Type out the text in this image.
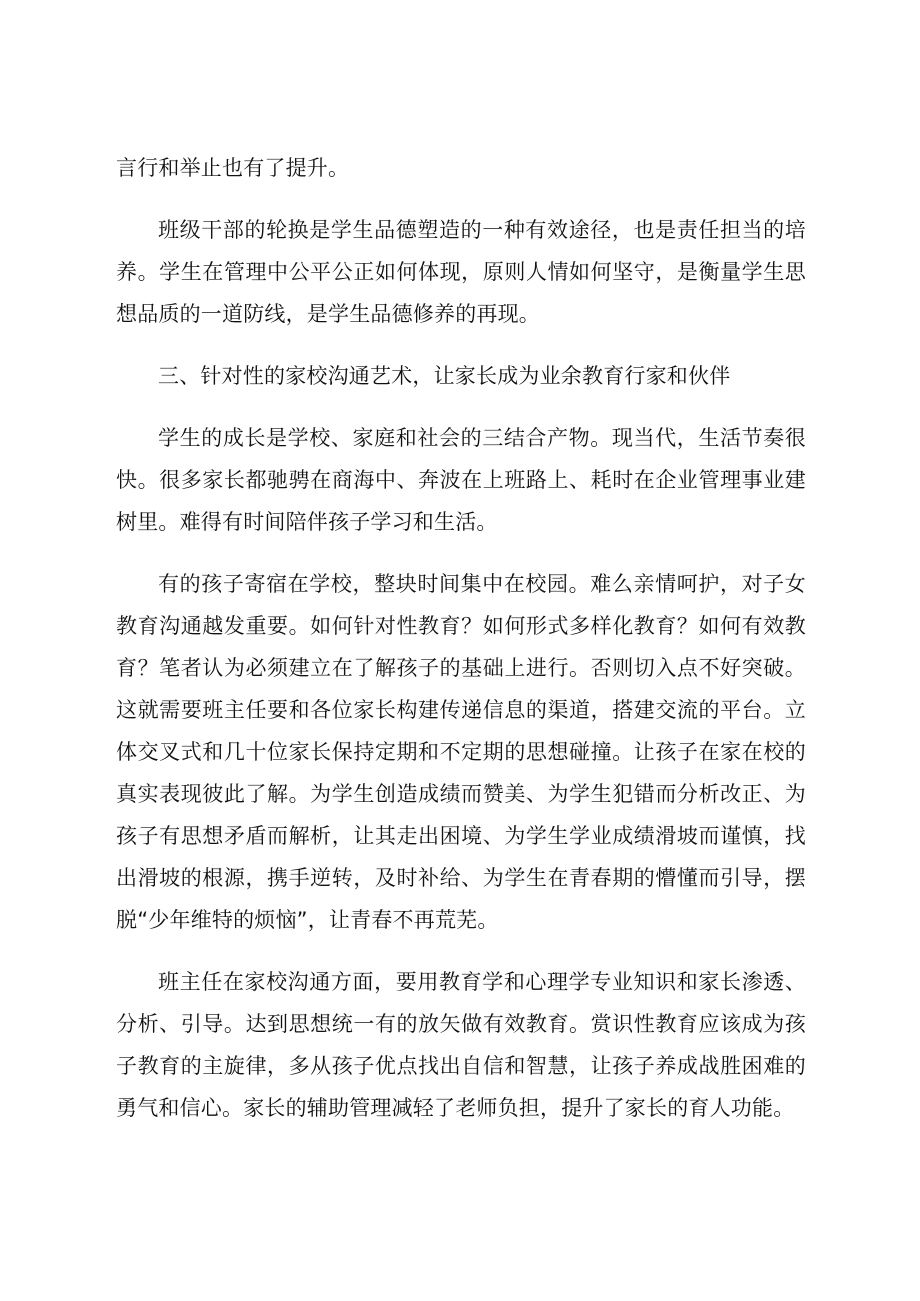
言行和举止也有了提升。

班级干部的轮换是学生品德塑造的一种有效途径，也是责任担当的培养。学生在管理中公平公正如何体现，原则人情如何坚守，是衡量学生思想品质的一道防线，是学生品德修养的再现。

三、针对性的家校沟通艺术，让家长成为业余教育行家和伙伴

学生的成长是学校、家庭和社会的三结合产物。现当代，生活节奏很快。很多家长都驰骋在商海中、奔波在上班路上、耗时在企业管理事业建树里。难得有时间陪伴孩子学习和生活。

有的孩子寄宿在学校，整块时间集中在校园。难么亲情呵护，对子女教育沟通越发重要。如何针对性教育？如何形式多样化教育？如何有效教育？笔者认为必须建立在了解孩子的基础上进行。否则切入点不好突破。这就需要班主任要和各位家长构建传递信息的渠道，搭建交流的平台。立体交叉式和几十位家长保持定期和不定期的思想碰撞。让孩子在家在校的真实表现彼此了解。为学生创造成绩而赞美、为学生犯错而分析改正、为孩子有思想矛盾而解析，让其走出困境、为学生学业成绩滑坡而谨慎，找出滑坡的根源，携手逆转，及时补给、为学生在青春期的懵懂而引导，摆脱“少年维特的烦恼”，让青春不再荒芜。

班主任在家校沟通方面，要用教育学和心理学专业知识和家长渗透、分析、引导。达到思想统一有的放矢做有效教育。赏识性教育应该成为孩子教育的主旋律，多从孩子优点找出自信和智慧，让孩子养成战胜困难的勇气和信心。家长的辅助管理减轻了老师负担，提升了家长的育人功能。
